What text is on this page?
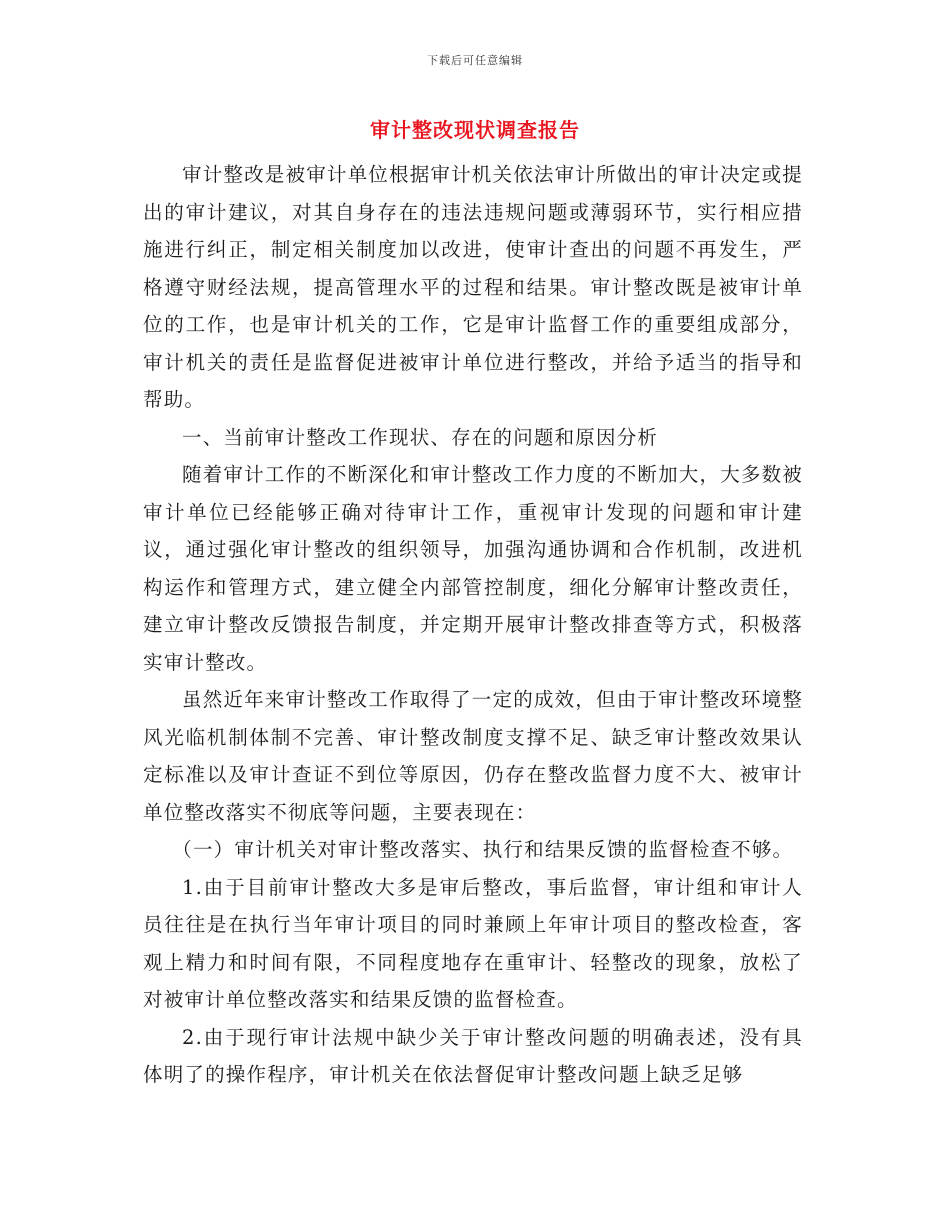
下载后可任意编辑
审计整改现状调查报告

审计整改是被审计单位根据审计机关依法审计所做出的审计决定或提出的审计建议，对其自身存在的违法违规问题或薄弱环节，实行相应措施进行纠正，制定相关制度加以改进，使审计查出的问题不再发生，严格遵守财经法规，提高管理水平的过程和结果。审计整改既是被审计单位的工作，也是审计机关的工作，它是审计监督工作的重要组成部分，审计机关的责任是监督促进被审计单位进行整改，并给予适当的指导和帮助。

一、当前审计整改工作现状、存在的问题和原因分析

随着审计工作的不断深化和审计整改工作力度的不断加大，大多数被审计单位已经能够正确对待审计工作，重视审计发现的问题和审计建议，通过强化审计整改的组织领导，加强沟通协调和合作机制，改进机构运作和管理方式，建立健全内部管控制度，细化分解审计整改责任，建立审计整改反馈报告制度，并定期开展审计整改排查等方式，积极落实审计整改。

虽然近年来审计整改工作取得了一定的成效，但由于审计整改环境整风光临机制体制不完善、审计整改制度支撑不足、缺乏审计整改效果认定标准以及审计查证不到位等原因，仍存在整改监督力度不大、被审计单位整改落实不彻底等问题，主要表现在：

（一）审计机关对审计整改落实、执行和结果反馈的监督检查不够。

1.由于目前审计整改大多是审后整改，事后监督，审计组和审计人员往往是在执行当年审计项目的同时兼顾上年审计项目的整改检查，客观上精力和时间有限，不同程度地存在重审计、轻整改的现象，放松了对被审计单位整改落实和结果反馈的监督检查。

2.由于现行审计法规中缺少关于审计整改问题的明确表述，没有具体明了的操作程序，审计机关在依法督促审计整改问题上缺乏足够
